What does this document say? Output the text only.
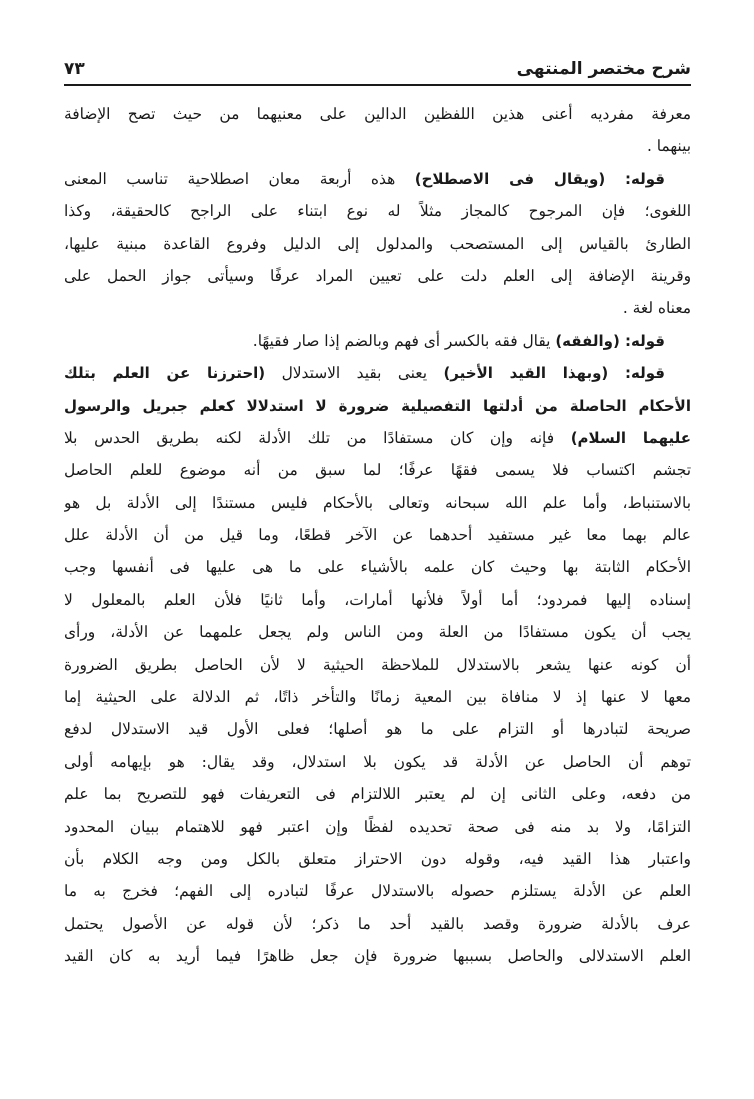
شرح مختصر المنتهى
٧٣
معرفة مفرديه أعنى هذين اللفظين الدالين على معنيهما من حيث تصح الإضافة
بينهما .
قوله: (ويقال فى الاصطلاح) هذه أربعة معان اصطلاحية تناسب المعنى
اللغوى؛ فإن المرجوح كالمجاز مثلاً له نوع ابتناء على الراجح كالحقيقة، وكذا
الطارئ بالقياس إلى المستصحب والمدلول إلى الدليل وفروع القاعدة مبنية عليها،
وقرينة الإضافة إلى العلم دلت على تعيين المراد عرفًا وسيأتى جواز الحمل على
معناه لغة .
قوله: (والفقه) يقال فقه بالكسر أى فهم وبالضم إذا صار فقيهًا.
قوله: (وبهذا القيد الأخير) يعنى بقيد الاستدلال (احترزنا عن العلم بتلك
الأحكام الحاصلة من أدلتها التفصيلية ضرورة لا استدلالا كعلم جبريل والرسول
عليهما السلام) فإنه وإن كان مستفادًا من تلك الأدلة لكنه بطريق الحدس بلا
تجشم اكتساب فلا يسمى فقهًا عرفًا؛ لما سبق من أنه موضوع للعلم الحاصل
بالاستنباط، وأما علم الله سبحانه وتعالى بالأحكام فليس مستندًا إلى الأدلة بل هو
عالم بهما معا غير مستفيد أحدهما عن الآخر قطعًا، وما قيل من أن الأدلة علل
الأحكام الثابتة بها وحيث كان علمه بالأشياء على ما هى عليها فى أنفسها وجب
إسناده إليها فمردود؛ أما أولاً فلأنها أمارات، وأما ثانيًا فلأن العلم بالمعلول لا
يجب أن يكون مستفادًا من العلة ومن الناس ولم يجعل علمهما عن الأدلة، ورأى
أن كونه عنها يشعر بالاستدلال للملاحظة الحيثية لا لأن الحاصل بطريق الضرورة
معها لا عنها إذ لا منافاة بين المعية زمانًا والتأخر ذاتًا، ثم الدلالة على الحيثية إما
صريحة لتبادرها أو التزام على ما هو أصلها؛ فعلى الأول قيد الاستدلال لدفع
توهم أن الحاصل عن الأدلة قد يكون بلا استدلال، وقد يقال: هو بإيهامه أولى
من دفعه، وعلى الثانى إن لم يعتبر اللالتزام فى التعريفات فهو للتصريح بما علم
التزامًا، ولا بد منه فى صحة تحديده لفظًا وإن اعتبر فهو للاهتمام ببيان المحدود
واعتبار هذا القيد فيه، وقوله دون الاحتراز متعلق بالكل ومن وجه الكلام بأن
العلم عن الأدلة يستلزم حصوله بالاستدلال عرفًا لتبادره إلى الفهم؛ فخرج به ما
عرف بالأدلة ضرورة وقصد بالقيد أحد ما ذكر؛ لأن قوله عن الأصول يحتمل
العلم الاستدلالى والحاصل بسببها ضرورة فإن جعل ظاهرًا فيما أريد به كان القيد
